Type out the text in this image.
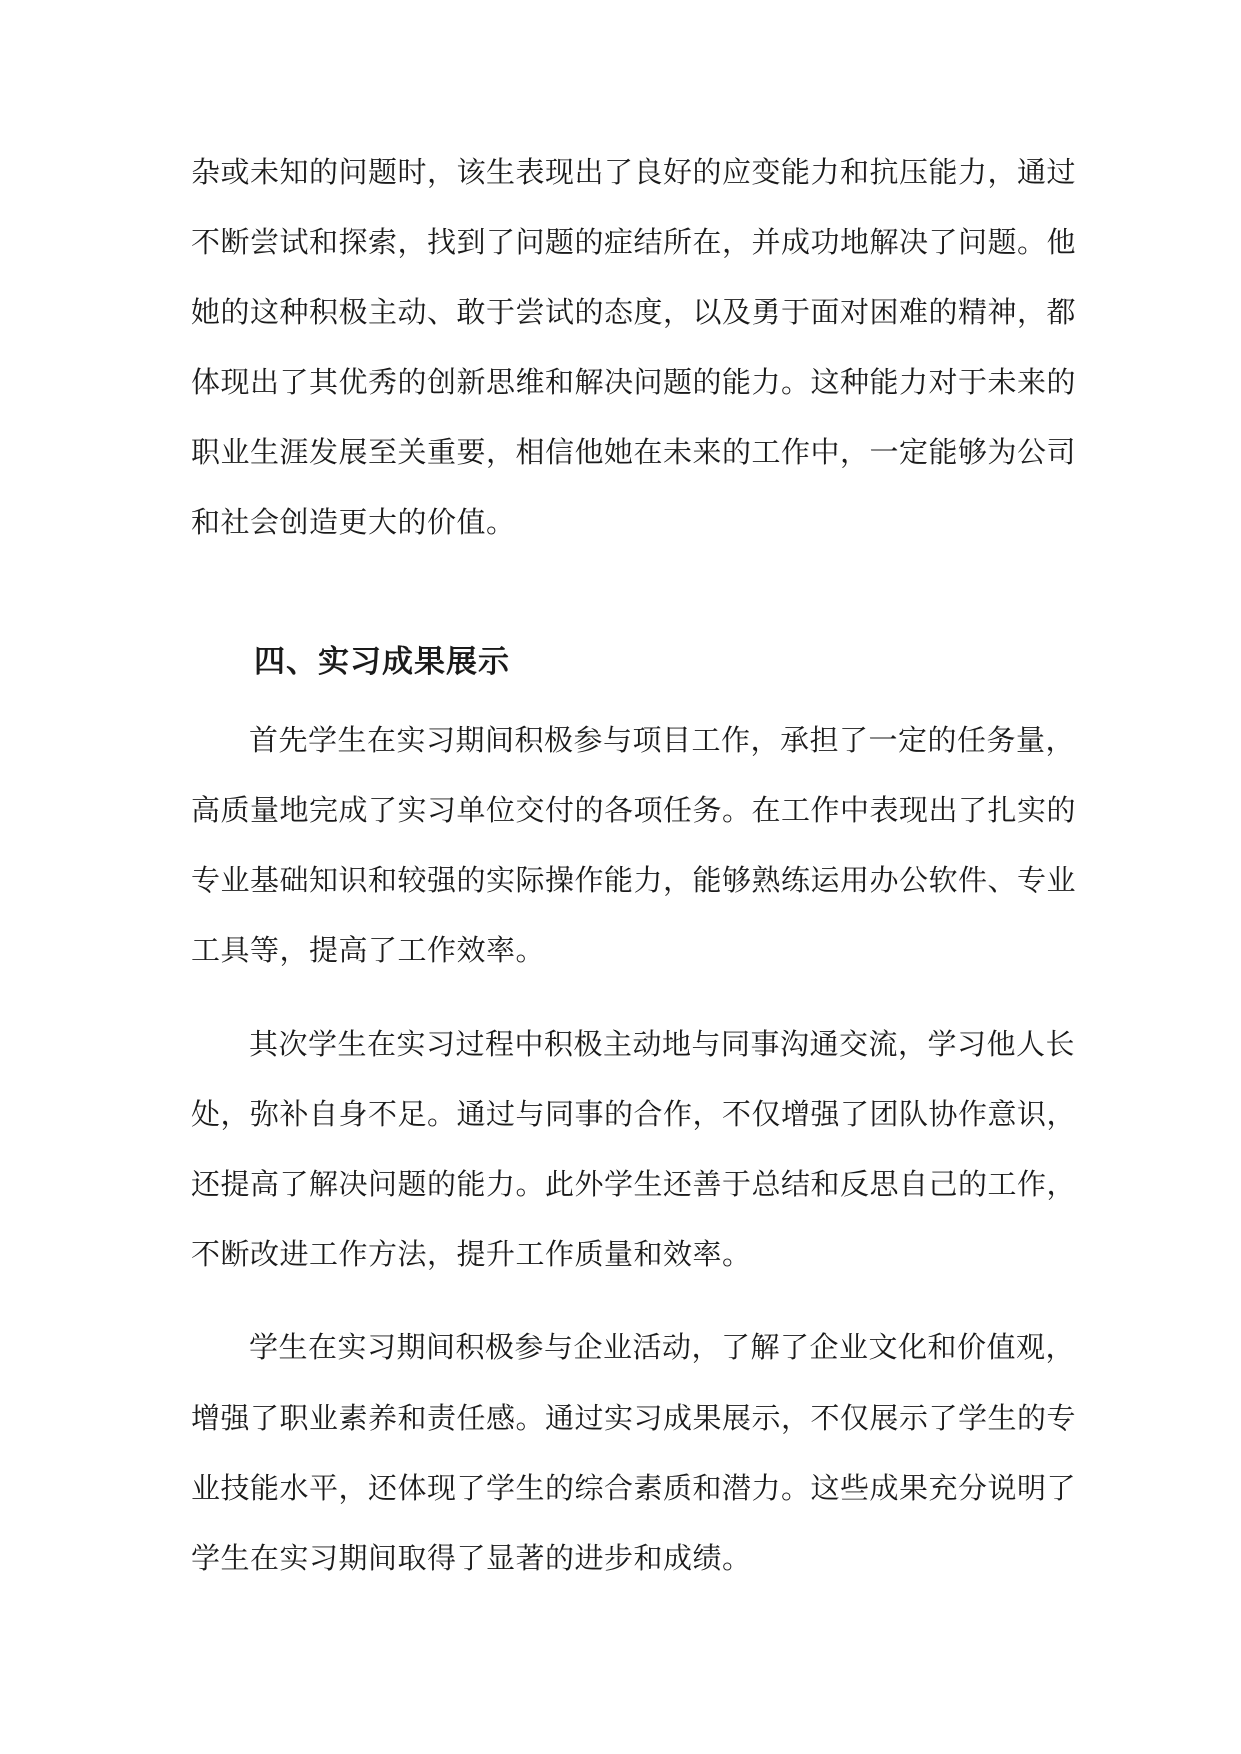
杂或未知的问题时，该生表现出了良好的应变能力和抗压能力，通过
不断尝试和探索，找到了问题的症结所在，并成功地解决了问题。他
她的这种积极主动、敢于尝试的态度，以及勇于面对困难的精神，都
体现出了其优秀的创新思维和解决问题的能力。这种能力对于未来的
职业生涯发展至关重要，相信他她在未来的工作中，一定能够为公司
和社会创造更大的价值。
四、实习成果展示
首先学生在实习期间积极参与项目工作，承担了一定的任务量，
高质量地完成了实习单位交付的各项任务。在工作中表现出了扎实的
专业基础知识和较强的实际操作能力，能够熟练运用办公软件、专业
工具等，提高了工作效率。
其次学生在实习过程中积极主动地与同事沟通交流，学习他人长
处，弥补自身不足。通过与同事的合作，不仅增强了团队协作意识，
还提高了解决问题的能力。此外学生还善于总结和反思自己的工作，
不断改进工作方法，提升工作质量和效率。
学生在实习期间积极参与企业活动，了解了企业文化和价值观，
增强了职业素养和责任感。通过实习成果展示，不仅展示了学生的专
业技能水平，还体现了学生的综合素质和潜力。这些成果充分说明了
学生在实习期间取得了显著的进步和成绩。
